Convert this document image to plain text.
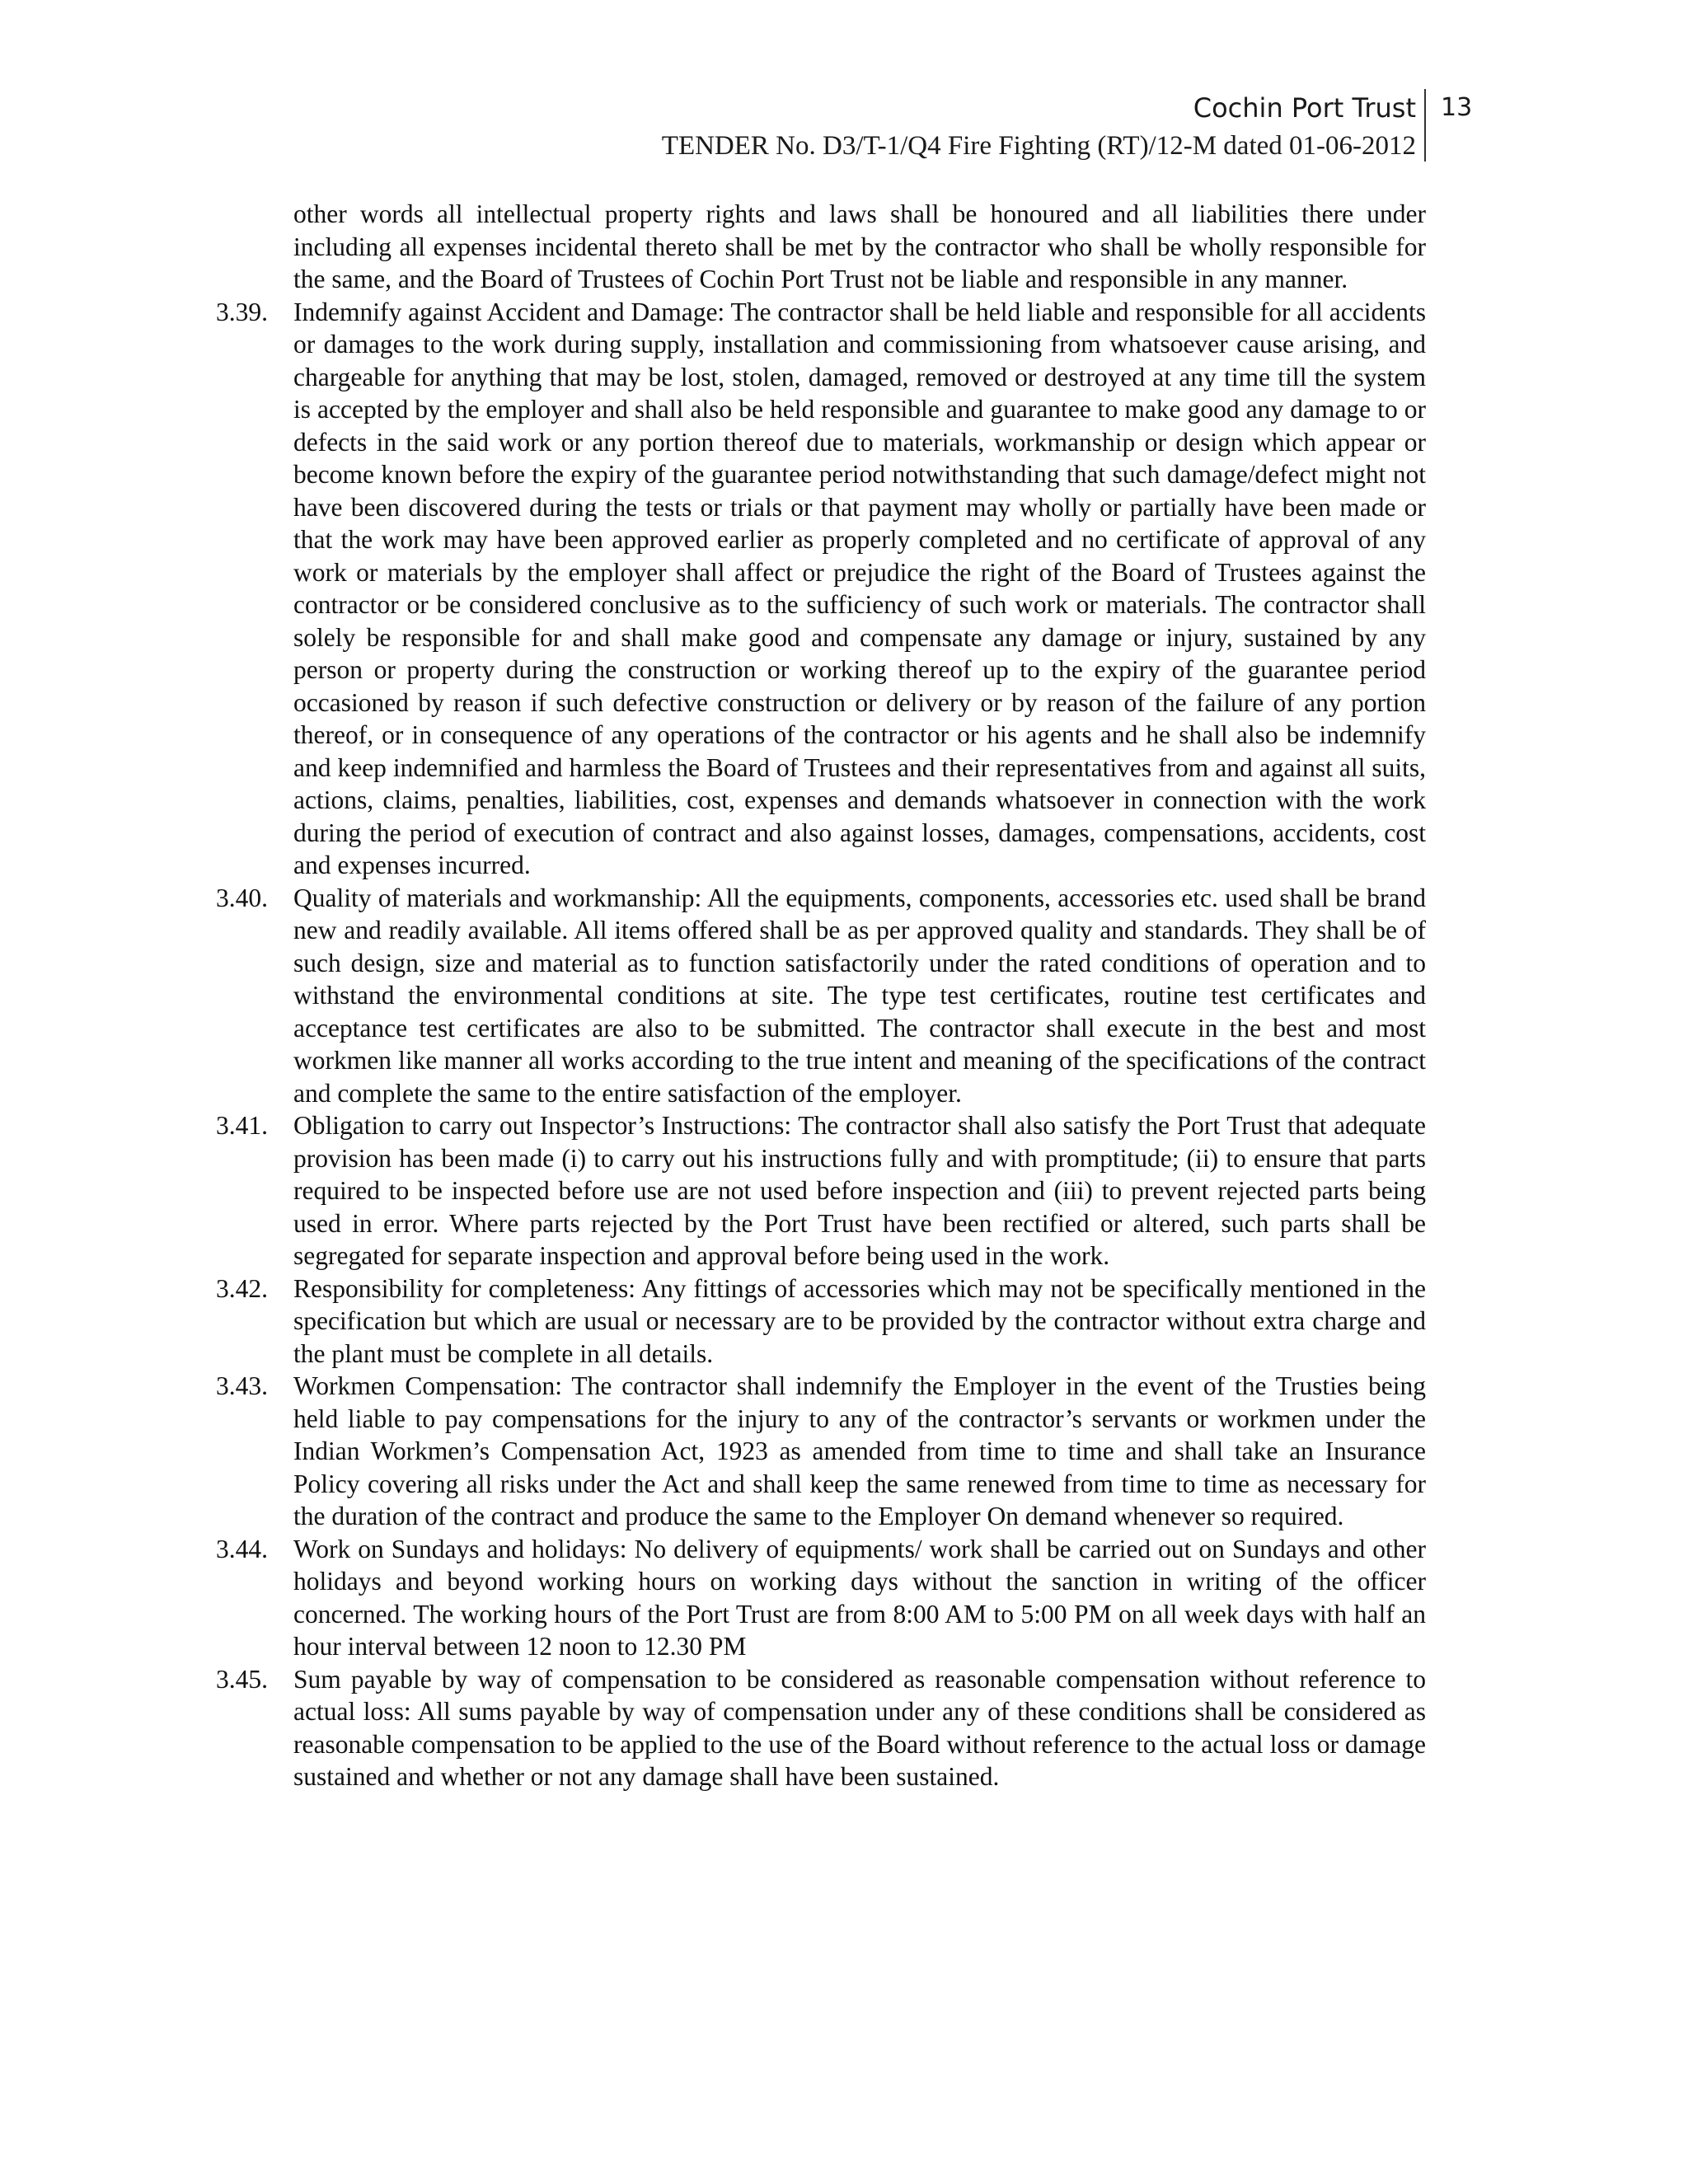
Cochin Port Trust
TENDER No. D3/T-1/Q4 Fire Fighting (RT)/12-M dated 01-06-2012
13

other words all intellectual property rights and laws shall be honoured and all liabilities there under including all expenses incidental thereto shall be met by the contractor who shall be wholly responsible for the same, and the Board of Trustees of Cochin Port Trust not be liable and responsible in any manner.

3.39. Indemnify against Accident and Damage: The contractor shall be held liable and responsible for all accidents or damages to the work during supply, installation and commissioning from whatsoever cause arising, and chargeable for anything that may be lost, stolen, damaged, removed or destroyed at any time till the system is accepted by the employer and shall also be held responsible and guarantee to make good any damage to or defects in the said work or any portion thereof due to materials, workmanship or design which appear or become known before the expiry of the guarantee period notwithstanding that such damage/defect might not have been discovered during the tests or trials or that payment may wholly or partially have been made or that the work may have been approved earlier as properly completed and no certificate of approval of any work or materials by the employer shall affect or prejudice the right of the Board of Trustees against the contractor or be considered conclusive as to the sufficiency of such work or materials. The contractor shall solely be responsible for and shall make good and compensate any damage or injury, sustained by any person or property during the construction or working thereof up to the expiry of the guarantee period occasioned by reason if such defective construction or delivery or by reason of the failure of any portion thereof, or in consequence of any operations of the contractor or his agents and he shall also be indemnify and keep indemnified and harmless the Board of Trustees and their representatives from and against all suits, actions, claims, penalties, liabilities, cost, expenses and demands whatsoever in connection with the work during the period of execution of contract and also against losses, damages, compensations, accidents, cost and expenses incurred.
3.40. Quality of materials and workmanship: All the equipments, components, accessories etc. used shall be brand new and readily available. All items offered shall be as per approved quality and standards. They shall be of such design, size and material as to function satisfactorily under the rated conditions of operation and to withstand the environmental conditions at site. The type test certificates, routine test certificates and acceptance test certificates are also to be submitted. The contractor shall execute in the best and most workmen like manner all works according to the true intent and meaning of the specifications of the contract and complete the same to the entire satisfaction of the employer.
3.41. Obligation to carry out Inspector’s Instructions: The contractor shall also satisfy the Port Trust that adequate provision has been made (i) to carry out his instructions fully and with promptitude; (ii) to ensure that parts required to be inspected before use are not used before inspection and (iii) to prevent rejected parts being used in error. Where parts rejected by the Port Trust have been rectified or altered, such parts shall be segregated for separate inspection and approval before being used in the work.
3.42. Responsibility for completeness: Any fittings of accessories which may not be specifically mentioned in the specification but which are usual or necessary are to be provided by the contractor without extra charge and the plant must be complete in all details.
3.43. Workmen Compensation: The contractor shall indemnify the Employer in the event of the Trusties being held liable to pay compensations for the injury to any of the contractor’s servants or workmen under the Indian Workmen’s Compensation Act, 1923 as amended from time to time and shall take an Insurance Policy covering all risks under the Act and shall keep the same renewed from time to time as necessary for the duration of the contract and produce the same to the Employer On demand whenever so required.
3.44. Work on Sundays and holidays: No delivery of equipments/ work shall be carried out on Sundays and other holidays and beyond working hours on working days without the sanction in writing of the officer concerned. The working hours of the Port Trust are from 8:00 AM to 5:00 PM on all week days with half an hour interval between 12 noon to 12.30 PM
3.45. Sum payable by way of compensation to be considered as reasonable compensation without reference to actual loss: All sums payable by way of compensation under any of these conditions shall be considered as reasonable compensation to be applied to the use of the Board without reference to the actual loss or damage sustained and whether or not any damage shall have been sustained.
